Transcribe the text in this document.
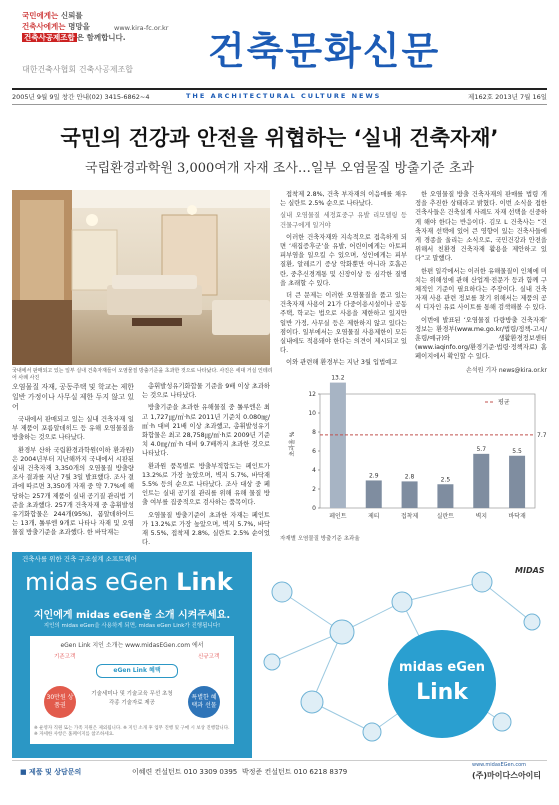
국민에게는 신뢰를
건축사에게는 명망을
건축사공제조합 은 함께합니다.
www.kira-fc.or.kr
대한건축사협회 건축사공제조합 건축문화신문
2005년 9월 9일 창간 안내(02) 3415-6862~4	THE ARCHITECTURAL CULTURE NEWS	제162호 2013년 7월 16일
국민의 건강과 안전을 위협하는 ‘실내 건축자재’
국립환경과학원 3,000여개 자재 조사…일부 오염물질 방출기준 초과
국내에서 판매되고 있는 일부 실내 건축자재들이 오염물질 방출기준을 초과한 것으로 나타났다. 사진은 세대 거실 인테리어 사례 사진

오염물질 자재, 공동주택 및 학교는 제한 일반 가정이나 사무실 제한 두지 않고 있어

국내에서 판매되고 있는 실내 건축자재 일부 제품이 포름알데히드 등 유해 오염물질을 방출하는 것으로 나타났다.

환경부 산하 국립환경과학원(이하 환과원)은 2004년부터 지난해까지 국내에서 시판된 실내 건축자재 3,350개의 오염물질 방출량 조사 결과를 지난 7월 3일 발표했다. 조사 결과에 따르면 3,350개 자재 중 약 7.7%에 해당하는 257개 제품이 실내 공기질 관리법 기준을 초과했다. 257개 건축자재 중 총휘발성유기화합물은 244개(95%), 폼알데하이드는 13개, 톨루엔 9개로 나타나 자재 및 오염물질 방출기준을 초과했다. 한 바닥재는

총휘발성유기화합물 기준을 9배 이상 초과하는 것으로 나타났다.

방출기준을 초과한 유해물질 중 톨루엔은 최고 1,727㎍/㎡·h로 2011년 기준치 0.080㎎/㎡·h 대비 21배 이상 초과했고, 총휘발성유기화합물은 최고 28,758㎍/㎡·h로 2009년 기준치 4.0㎎/㎡·h 대비 9.7배까지 초과한 것으로 나타났다.

환과원 품목별로 방출부적합도는 페인트가 13.2%로 가장 높았으며, 벽지 5.7%, 바닥재 5.5% 등의 순으로 나타났다. 조사 대상 중 페인트는 실내 공기질 관리를 위해 유해 물질 방출 여부를 집중적으로 검사하는 품목이다.

오염물질 방출기준이 초과한 자재는 페인트가 13.2%로 가장 높았으며, 벽지 5.7%, 바닥재 5.5%, 접착제 2.8%, 실란트 2.5% 순이었다.

접착제 2.8%, 건축 부자재의 이음매를 채우는 실란트 2.5% 순으로 나타났다.

실내 오염물질 세정효중구 유발 리모델링 등 건물구에게 일거야

이러한 건축자재와 지속적으로 접촉하게 되면 ‘새집증후군’을 유발, 어린이에게는 아토피 피부염을 일으킬 수 있으며, 성인에게는 피부질환, 알레르기 증상 악화뿐만 아니라 호흡곤란, 중추신경계통 및 신장이상 등 심각한 질병을 초래할 수 있다.

더 큰 문제는 이러한 오염물질을 품고 있는 건축자재 사용이 21가 다중이용시설이나 공동주택, 학교는 법으로 사용을 제한하고 있지만 일반 가정, 사무실 등은 제한하지 않고 있다는 점이다. 일부에서는 오염물질 사용제한이 모든 실내에도 적용돼야 한다는 의견이 제시되고 있다.

이와 관련해 환경부는 지난 3월 입법예고

한 오염물질 방출 건축자재의 판매를 법령 개정을 추진한 상태라고 밝혔다. 이번 소식을 접한 건축사들은 건축설계 사례도 자재 선택을 신중하게 해야 한다는 반응이다. 김모 L 건축사는 “건축자재 선택에 있어 큰 영향이 있는 건축사들에게 경종을 울리는 소식으로, 국민건강과 안전을 위해서 친환경 건축자재 활용을 제안하고 있다”고 말했다.

한편 일각에서는 이러한 유해물질이 인체에 미치는 위해성에 관해 산업계·전문가 등과 함께 구체적인 기준이 필요하다는 주장이다. 실내 건축자재 사용 관련 정보를 찾기 위해서는 제품의 공식 디자인 유료 사이트를 통해 검색해볼 수 있다.

이번에 발표된 ‘오염물질 다량방출 건축자재’ 정보는 환경부(www.me.go.kr/법령/정책-고시/훈령/예규)와 생활환경정보센터(www.iaqinfo.org/환경기준·법령·정책자료) 홈페이지에서 확인할 수 있다.

손석원 기자 news@kira.or.kr
0
2
4
6
8
10
12
초과율 %
13.2
페인트
2.9
제티
2.8
접착제
2.5
실란트
5.7
벽지
5.5
바닥재
7.7
평균
자재별 오염물질 방출기준 초과율
건축사를 위한 건축 구조설계 소프트웨어
midas eGen Link
지인에게 midas eGen을 소개 시켜주세요.
지인의 midas eGen을 사용하게 되면, midas eGen Link가 진행됩니다!
eGen Link 지인 소개는 www.midasEGen.com 에서
기존고객	신규고객
eGen Link 혜택
30만원 상품권
특별한 혜택과 선물
기술세미나 및 기술교육 무선 초청
각종 기술자료 제공
※ 운영자 직원 또는 가족 지원은 제외됩니다. ※ 지인 소개 후 업무 진행 및 구매 시 보상 진행합니다. ※ 자세한 사항은 홈페이지를 참조하세요.
MIDAS
midas eGen
Link
■ 제품 및 상담문의	이혜련 컨설턴트 010 3309 0395 박정준 컨설턴트 010 6218 8379
www.midasEGen.com
(주)마이다스아이티
